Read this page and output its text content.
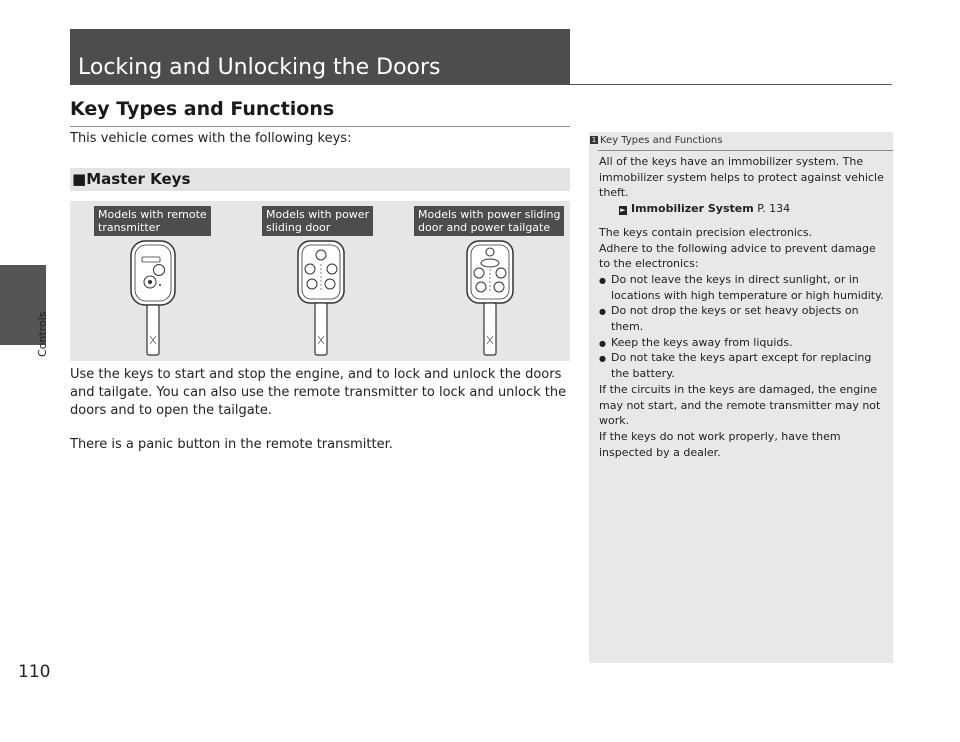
Controls
110
Locking and Unlocking the Doors
Key Types and Functions
This vehicle comes with the following keys:
■Master Keys
Models with remote
transmitter
Models with power
sliding door
Models with power sliding
door and power tailgate

Use the keys to start and stop the engine, and to lock and unlock the doors and tailgate. You can also use the remote transmitter to lock and unlock the doors and to open the tailgate.

There is a panic button in the remote transmitter.

1 Key Types and Functions

All of the keys have an immobilizer system. The immobilizer system helps to protect against vehicle theft.

► Immobilizer System P. 134

The keys contain precision electronics.

Adhere to the following advice to prevent damage to the electronics:

● Do not leave the keys in direct sunlight, or in locations with high temperature or high humidity.

● Do not drop the keys or set heavy objects on them.

● Keep the keys away from liquids.

● Do not take the keys apart except for replacing the battery.

If the circuits in the keys are damaged, the engine may not start, and the remote transmitter may not work.

If the keys do not work properly, have them inspected by a dealer.
